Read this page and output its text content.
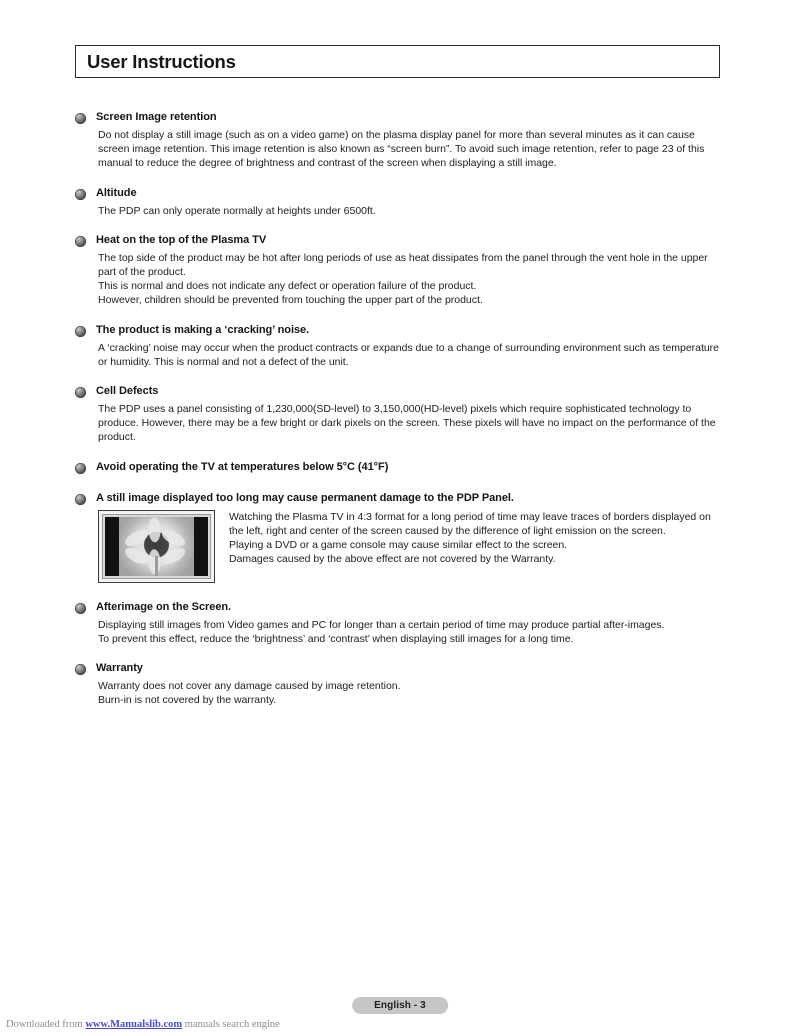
User Instructions
Screen Image retention

Do not display a still image (such as on a video game) on the plasma display panel for more than several minutes as it can cause screen image retention. This image retention is also known as “screen burn”. To avoid such image retention, refer to page 23 of this manual to reduce the degree of brightness and contrast of the screen when displaying a still image.

Altitude

The PDP can only operate normally at heights under 6500ft.

Heat on the top of the Plasma TV

The top side of the product may be hot after long periods of use as heat dissipates from the panel through the vent hole in the upper part of the product.

This is normal and does not indicate any defect or operation failure of the product.

However, children should be prevented from touching the upper part of the product.

The product is making a ‘cracking’ noise.

A ‘cracking’ noise may occur when the product contracts or expands due to a change of surrounding environment such as temperature or humidity. This is normal and not a defect of the unit.

Cell Defects

The PDP uses a panel consisting of 1,230,000(SD-level) to 3,150,000(HD-level) pixels which require sophisticated technology to produce. However, there may be a few bright or dark pixels on the screen. These pixels will have no impact on the performance of the product.

Avoid operating the TV at temperatures below 5°C (41°F)
A still image displayed too long may cause permanent damage to the PDP Panel.

Watching the Plasma TV in 4:3 format for a long period of time may leave traces of borders displayed on the left, right and center of the screen caused by the difference of light emission on the screen.

Playing a DVD or a game console may cause similar effect to the screen.

Damages caused by the above effect are not covered by the Warranty.

Afterimage on the Screen.

Displaying still images from Video games and PC for longer than a certain period of time may produce partial after-images.

To prevent this effect, reduce the ‘brightness’ and ‘contrast’ when displaying still images for a long time.

Warranty

Warranty does not cover any damage caused by image retention.

Burn-in is not covered by the warranty.

English - 3
Downloaded from www.Manualslib.com manuals search engine
